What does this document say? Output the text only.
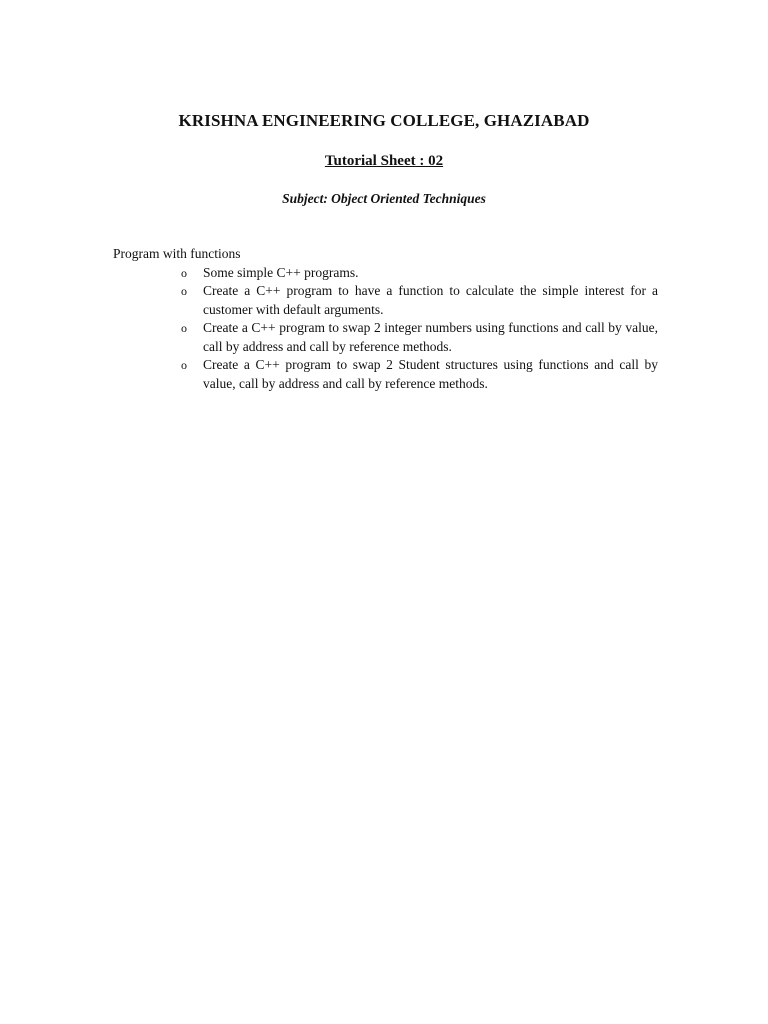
KRISHNA ENGINEERING COLLEGE, GHAZIABAD
Tutorial Sheet : 02
Subject: Object Oriented Techniques

Program with functions

o Some simple C++ programs.
o Create a C++ program to have a function to calculate the simple interest for a customer with default arguments.
o Create a C++ program to swap 2 integer numbers using functions and call by value, call by address and call by reference methods.
o Create a C++ program to swap 2 Student structures using functions and call by value, call by address and call by reference methods.
